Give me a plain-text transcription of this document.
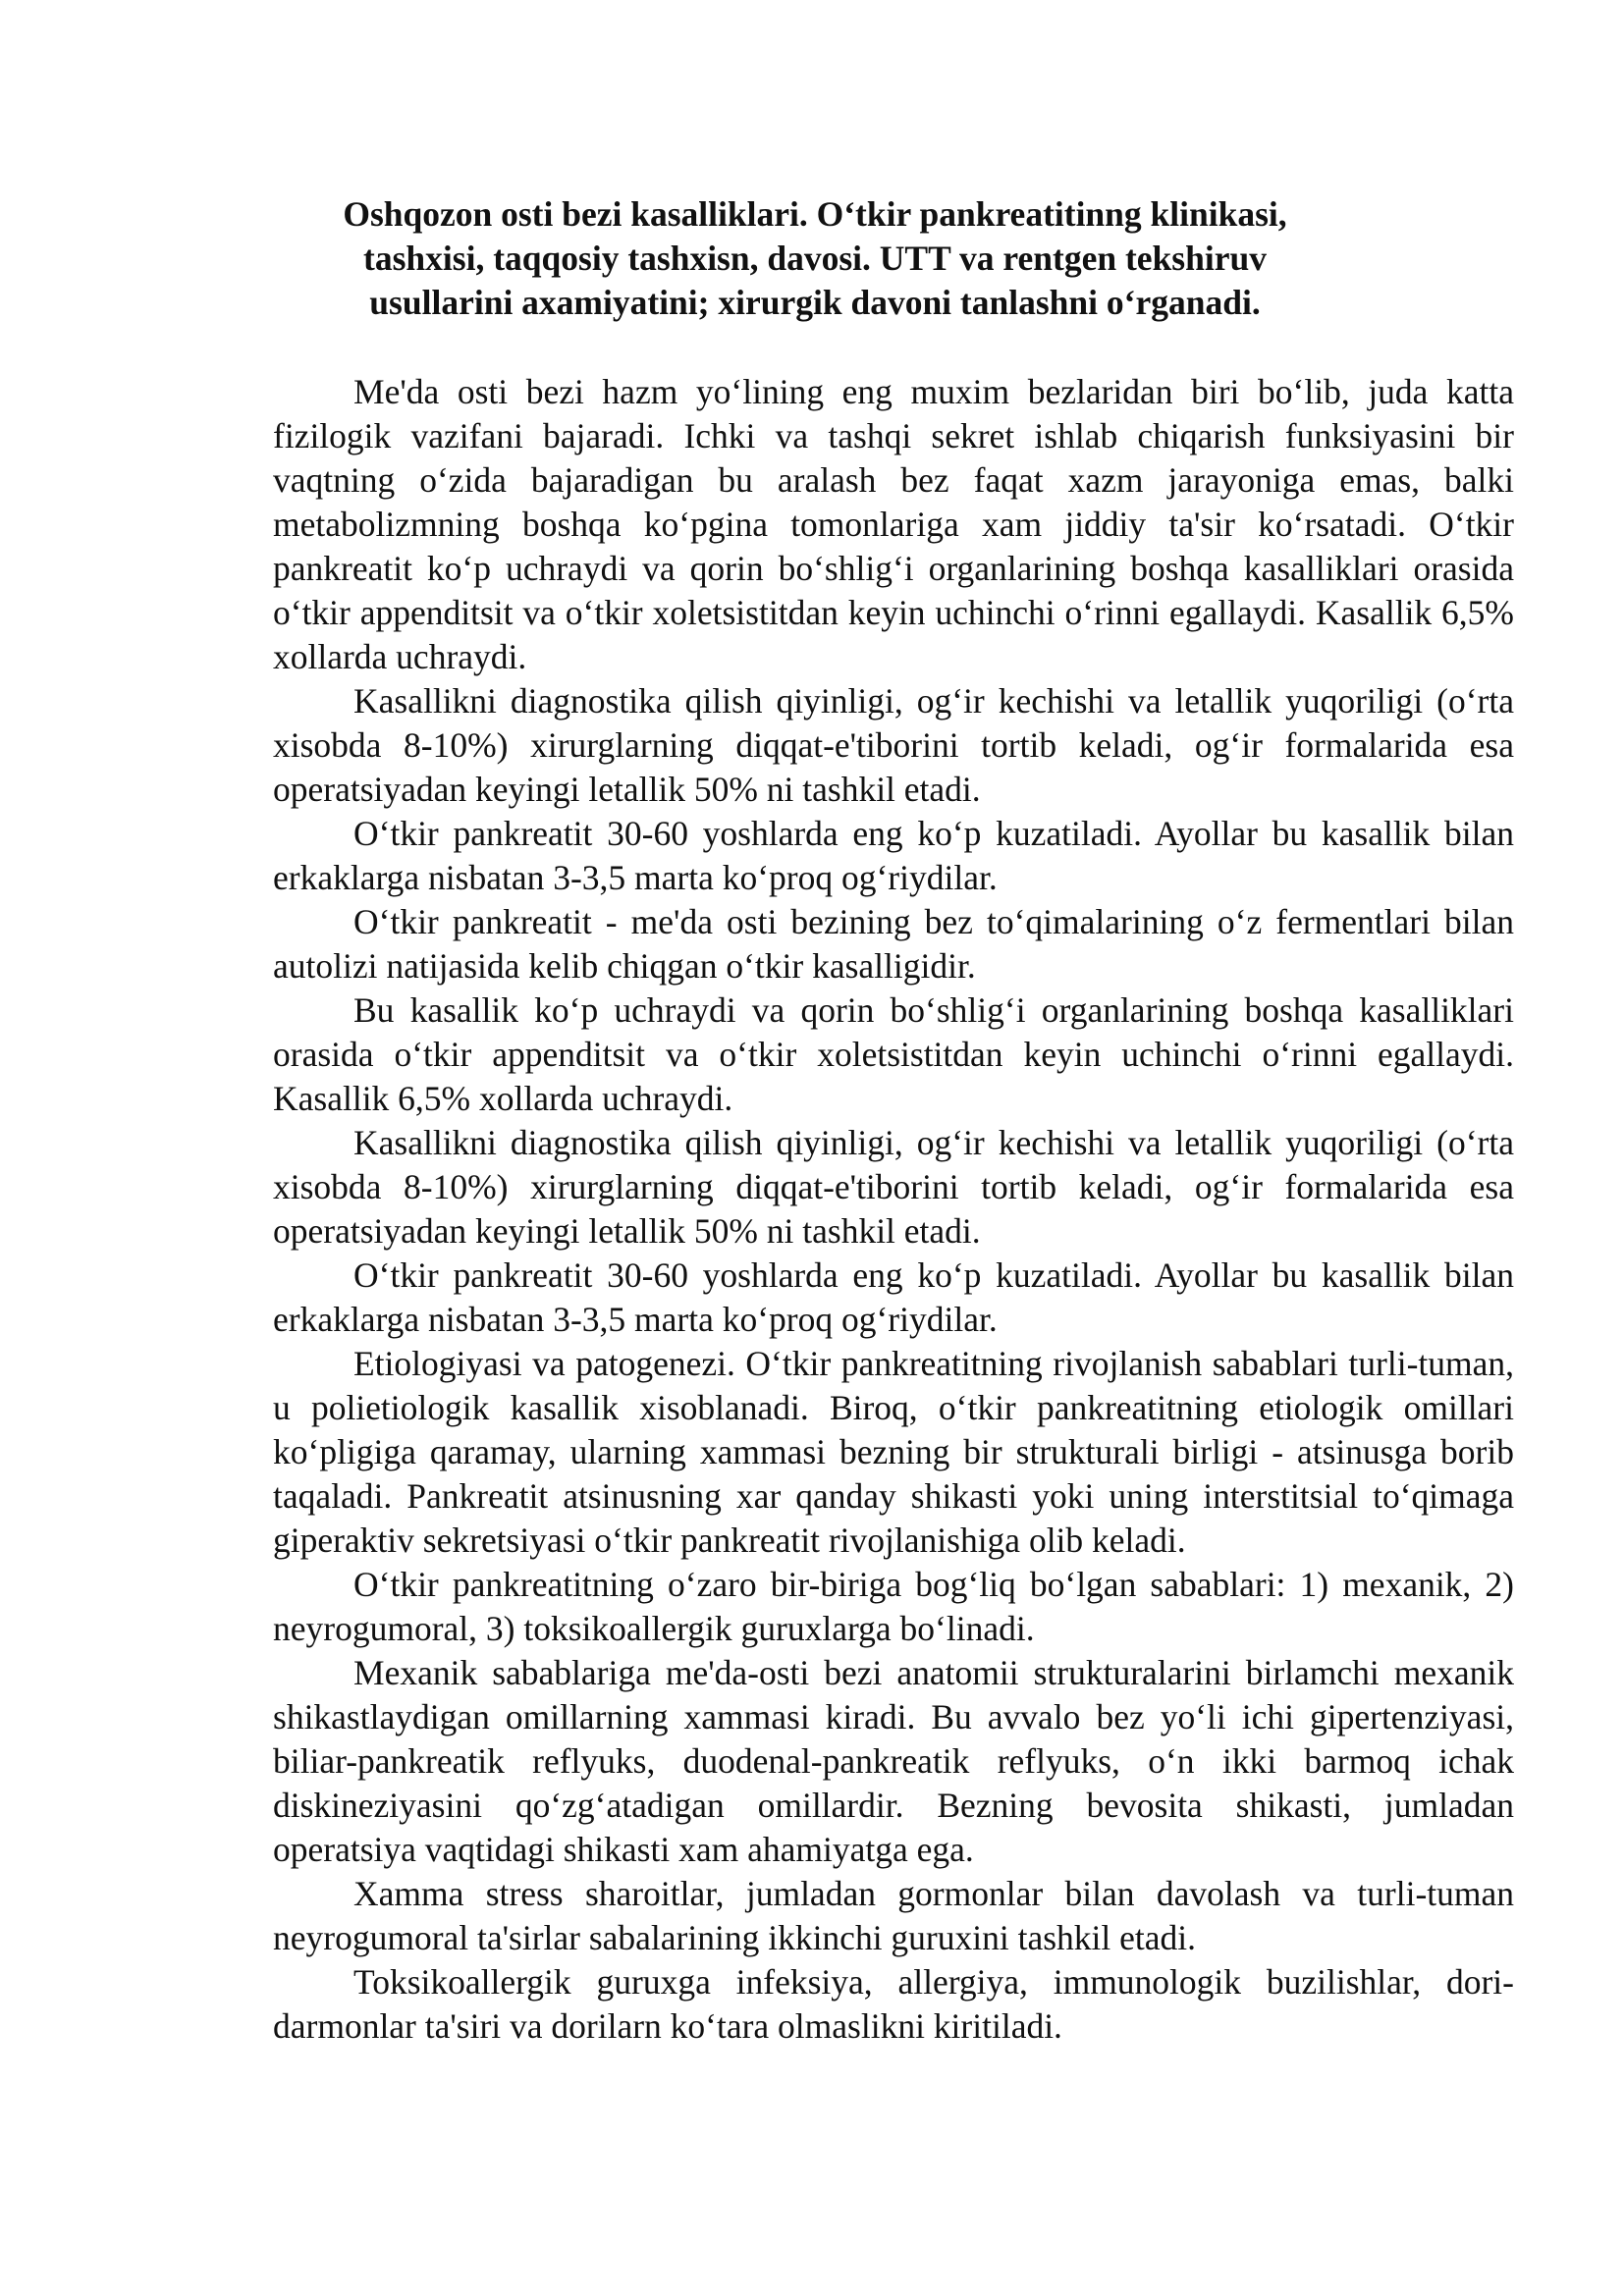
Oshqozon osti bezi kasalliklari. O‘tkir pankreatitinng klinikasi, tashxisi, taqqosiy tashxisn, davosi. UTT va rentgen tekshiruv usullarini axamiyatini; xirurgik davoni tanlashni o‘rganadi.

Me'da osti bezi hazm yo‘lining eng muxim bezlaridan biri bo‘lib, juda katta fizilogik vazifani bajaradi. Ichki va tashqi sekret ishlab chiqarish funksiyasini bir vaqtning o‘zida bajaradigan bu aralash bez faqat xazm jarayoniga emas, balki metabolizmning boshqa ko‘pgina tomonlariga xam jiddiy ta'sir ko‘rsatadi. O‘tkir pankreatit ko‘p uchraydi va qorin bo‘shlig‘i organlarining boshqa kasalliklari orasida o‘tkir appenditsit va o‘tkir xoletsistitdan keyin uchinchi o‘rinni egallaydi. Kasallik 6,5% xollarda uchraydi.

Kasallikni diagnostika qilish qiyinligi, og‘ir kechishi va letallik yuqoriligi (o‘rta xisobda 8-10%) xirurglarning diqqat-e'tiborini tortib keladi, og‘ir formalarida esa operatsiyadan keyingi letallik 50% ni tashkil etadi.

O‘tkir pankreatit 30-60 yoshlarda eng ko‘p kuzatiladi. Ayollar bu kasallik bilan erkaklarga nisbatan 3-3,5 marta ko‘proq og‘riydilar.

O‘tkir pankreatit - me'da osti bezining bez to‘qimalarining o‘z fermentlari bilan autolizi natijasida kelib chiqgan o‘tkir kasalligidir.

Bu kasallik ko‘p uchraydi va qorin bo‘shlig‘i organlarining boshqa kasalliklari orasida o‘tkir appenditsit va o‘tkir xoletsistitdan keyin uchinchi o‘rinni egallaydi. Kasallik 6,5% xollarda uchraydi.

Kasallikni diagnostika qilish qiyinligi, og‘ir kechishi va letallik yuqoriligi (o‘rta xisobda 8-10%) xirurglarning diqqat-e'tiborini tortib keladi, og‘ir formalarida esa operatsiyadan keyingi letallik 50% ni tashkil etadi.

O‘tkir pankreatit 30-60 yoshlarda eng ko‘p kuzatiladi. Ayollar bu kasallik bilan erkaklarga nisbatan 3-3,5 marta ko‘proq og‘riydilar.

Etiologiyasi va patogenezi. O‘tkir pankreatitning rivojlanish sabablari turli-tuman, u polietiologik kasallik xisoblanadi. Biroq, o‘tkir pankreatitning etiologik omillari ko‘pligiga qaramay, ularning xammasi bezning bir strukturali birligi - atsinusga borib taqaladi. Pankreatit atsinusning xar qanday shikasti yoki uning interstitsial to‘qimaga giperaktiv sekretsiyasi o‘tkir pankreatit rivojlanishiga olib keladi.

O‘tkir pankreatitning o‘zaro bir-biriga bog‘liq bo‘lgan sabablari: 1) mexanik, 2) neyrogumoral, 3) toksikoallergik guruxlarga bo‘linadi.

Mexanik sabablariga me'da-osti bezi anatomii strukturalarini birlamchi mexanik shikastlaydigan omillarning xammasi kiradi. Bu avvalo bez yo‘li ichi gipertenziyasi, biliar-pankreatik reflyuks, duodenal-pankreatik reflyuks, o‘n ikki barmoq ichak diskineziyasini qo‘zg‘atadigan omillardir. Bezning bevosita shikasti, jumladan operatsiya vaqtidagi shikasti xam ahamiyatga ega.

Xamma stress sharoitlar, jumladan gormonlar bilan davolash va turli-tuman neyrogumoral ta'sirlar sabalarining ikkinchi guruxini tashkil etadi.

Toksikoallergik guruxga infeksiya, allergiya, immunologik buzilishlar, dori-darmonlar ta'siri va dorilarn ko‘tara olmaslikni kiritiladi.
